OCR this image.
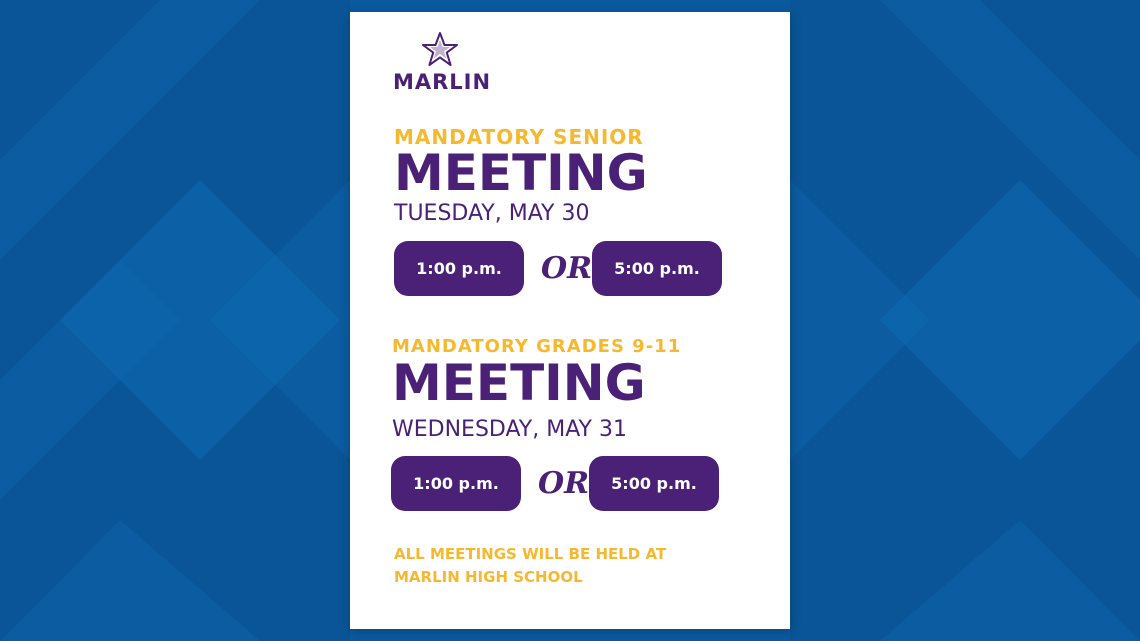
MARLIN
MANDATORY SENIOR
MEETING
TUESDAY, MAY 30
1:00 p.m.	OR	5:00 p.m.
MANDATORY GRADES 9-11
MEETING
WEDNESDAY, MAY 31
1:00 p.m.	OR	5:00 p.m.
ALL MEETINGS WILL BE HELD AT
MARLIN HIGH SCHOOL
